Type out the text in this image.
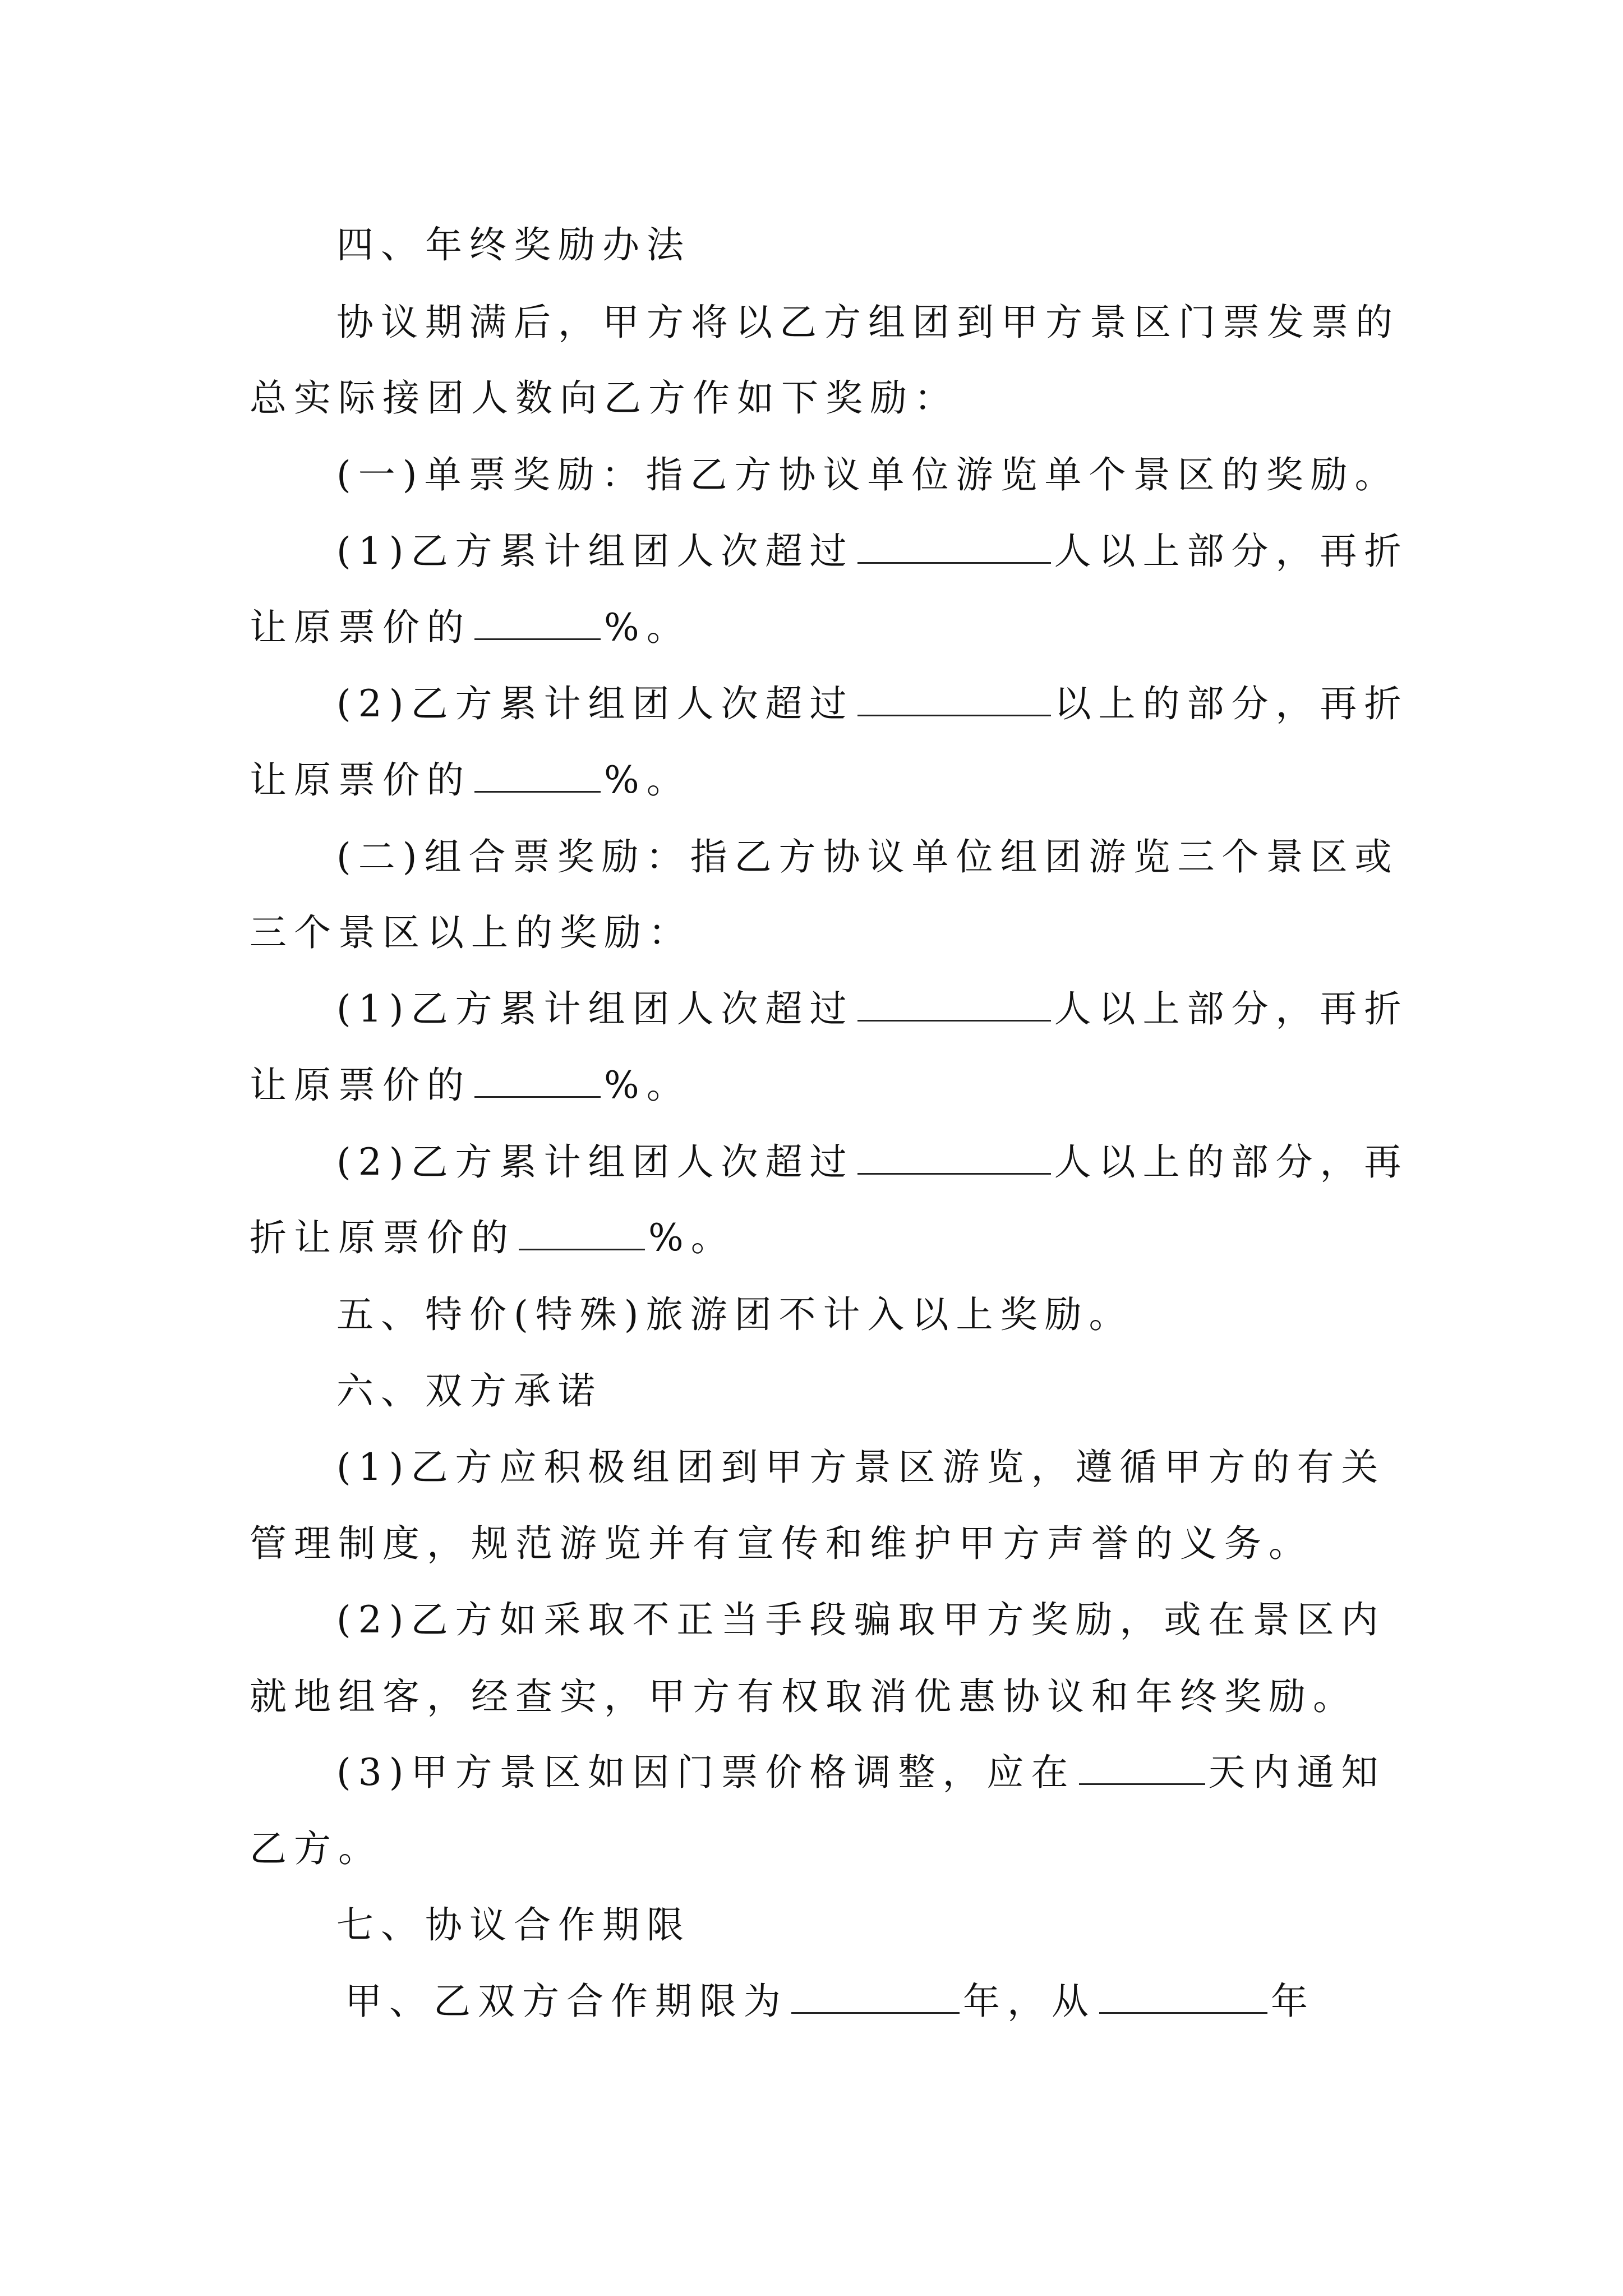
四、年终奖励办法
协议期满后，甲方将以乙方组团到甲方景区门票发票的
总实际接团人数向乙方作如下奖励：
(一)单票奖励：指乙方协议单位游览单个景区的奖励。
(1)乙方累计组团人次超过	人以上部分，再折
让原票价的	%。
(2)乙方累计组团人次超过	以上的部分，再折
让原票价的	%。
(二)组合票奖励：指乙方协议单位组团游览三个景区或
三个景区以上的奖励：
(1)乙方累计组团人次超过	人以上部分，再折
让原票价的	%。
(2)乙方累计组团人次超过	人以上的部分，再
折让原票价的	%。
五、特价(特殊)旅游团不计入以上奖励。
六、双方承诺
(1)乙方应积极组团到甲方景区游览，遵循甲方的有关
管理制度，规范游览并有宣传和维护甲方声誉的义务。
(2)乙方如采取不正当手段骗取甲方奖励，或在景区内
就地组客，经查实，甲方有权取消优惠协议和年终奖励。
(3)甲方景区如因门票价格调整，应在	天内通知
乙方。
七、协议合作期限
甲、乙双方合作期限为	年，从	年
